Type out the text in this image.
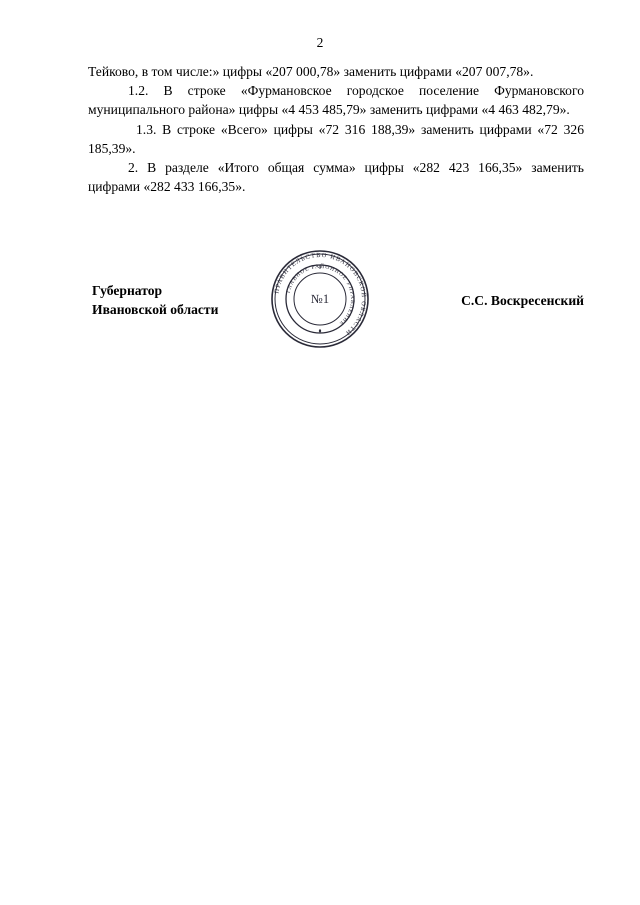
2

Тейково, в том числе:» цифры «207 000,78» заменить цифрами «207 007,78».

1.2. В строке «Фурмановское городское поселение Фурмановского муниципального района» цифры «4 453 485,79» заменить цифрами «4 463 482,79».

1.3. В строке «Всего» цифры «72 316 188,39» заменить цифрами «72 326 185,39».

2. В разделе «Итого общая сумма» цифры «282 423 166,35» заменить цифрами «282 433 166,35».

Губернатор
Ивановской области
С.С. Воскресенский
ПРАВИТЕЛЬСТВО ИВАНОВСКОЙ ОБЛАСТИ
ГЛАВНОЕ РАЙОННОЕ УПРАВЛЕНИЕ
№1
